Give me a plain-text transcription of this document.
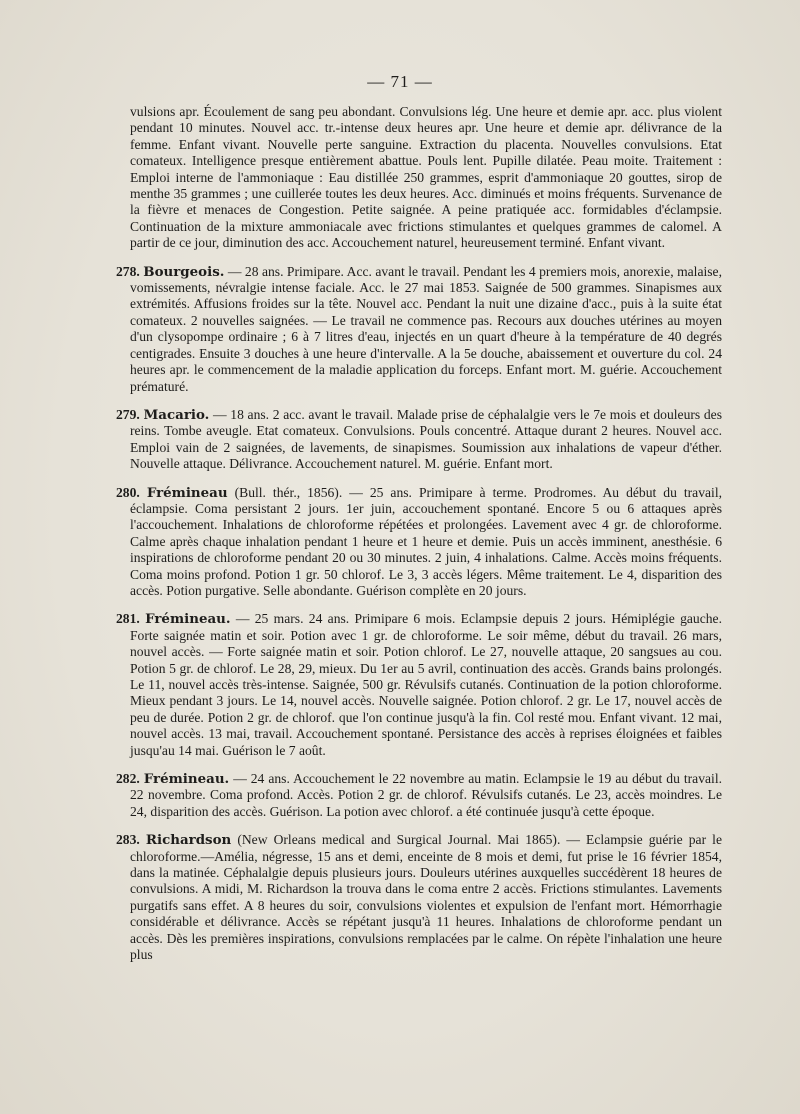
— 71 —

vulsions apr. Écoulement de sang peu abondant. Convulsions lég. Une heure et demie apr. acc. plus violent pendant 10 minutes. Nouvel acc. tr.-intense deux heures apr. Une heure et demie apr. délivrance de la femme. Enfant vivant. Nouvelle perte sanguine. Extraction du placenta. Nouvelles convulsions. Etat comateux. Intelligence presque entièrement abattue. Pouls lent. Pupille dilatée. Peau moite. Traitement : Emploi interne de l'ammoniaque : Eau distillée 250 grammes, esprit d'ammoniaque 20 gouttes, sirop de menthe 35 grammes ; une cuillerée toutes les deux heures. Acc. diminués et moins fréquents. Survenance de la fièvre et menaces de Congestion. Petite saignée. A peine pratiquée acc. formidables d'éclampsie. Continuation de la mixture ammoniacale avec frictions stimulantes et quelques grammes de calomel. A partir de ce jour, diminution des acc. Accouchement naturel, heureusement terminé. Enfant vivant.

278. Bourgeois. — 28 ans. Primipare. Acc. avant le travail. Pendant les 4 premiers mois, anorexie, malaise, vomissements, névralgie intense faciale. Acc. le 27 mai 1853. Saignée de 500 grammes. Sinapismes aux extrémités. Affusions froides sur la tête. Nouvel acc. Pendant la nuit une dizaine d'acc., puis à la suite état comateux. 2 nouvelles saignées. — Le travail ne commence pas. Recours aux douches utérines au moyen d'un clysopompe ordinaire ; 6 à 7 litres d'eau, injectés en un quart d'heure à la température de 40 degrés centigrades. Ensuite 3 douches à une heure d'intervalle. A la 5e douche, abaissement et ouverture du col. 24 heures apr. le commencement de la maladie application du forceps. Enfant mort. M. guérie. Accouchement prématuré.

279. Macario. — 18 ans. 2 acc. avant le travail. Malade prise de céphalalgie vers le 7e mois et douleurs des reins. Tombe aveugle. Etat comateux. Convulsions. Pouls concentré. Attaque durant 2 heures. Nouvel acc. Emploi vain de 2 saignées, de lavements, de sinapismes. Soumission aux inhalations de vapeur d'éther. Nouvelle attaque. Délivrance. Accouchement naturel. M. guérie. Enfant mort.

280. Frémineau (Bull. thér., 1856). — 25 ans. Primipare à terme. Prodromes. Au début du travail, éclampsie. Coma persistant 2 jours. 1er juin, accouchement spontané. Encore 5 ou 6 attaques après l'accouchement. Inhalations de chloroforme répétées et prolongées. Lavement avec 4 gr. de chloroforme. Calme après chaque inhalation pendant 1 heure et 1 heure et demie. Puis un accès imminent, anesthésie. 6 inspirations de chloroforme pendant 20 ou 30 minutes. 2 juin, 4 inhalations. Calme. Accès moins fréquents. Coma moins profond. Potion 1 gr. 50 chlorof. Le 3, 3 accès légers. Même traitement. Le 4, disparition des accès. Potion purgative. Selle abondante. Guérison complète en 20 jours.

281. Frémineau. — 25 mars. 24 ans. Primipare 6 mois. Eclampsie depuis 2 jours. Hémiplégie gauche. Forte saignée matin et soir. Potion avec 1 gr. de chloroforme. Le soir même, début du travail. 26 mars, nouvel accès. — Forte saignée matin et soir. Potion chlorof. Le 27, nouvelle attaque, 20 sangsues au cou. Potion 5 gr. de chlorof. Le 28, 29, mieux. Du 1er au 5 avril, continuation des accès. Grands bains prolongés. Le 11, nouvel accès très-intense. Saignée, 500 gr. Révulsifs cutanés. Continuation de la potion chloroforme. Mieux pendant 3 jours. Le 14, nouvel accès. Nouvelle saignée. Potion chlorof. 2 gr. Le 17, nouvel accès de peu de durée. Potion 2 gr. de chlorof. que l'on continue jusqu'à la fin. Col resté mou. Enfant vivant. 12 mai, nouvel accès. 13 mai, travail. Accouchement spontané. Persistance des accès à reprises éloignées et faibles jusqu'au 14 mai. Guérison le 7 août.

282. Frémineau. — 24 ans. Accouchement le 22 novembre au matin. Eclampsie le 19 au début du travail. 22 novembre. Coma profond. Accès. Potion 2 gr. de chlorof. Révulsifs cutanés. Le 23, accès moindres. Le 24, disparition des accès. Guérison. La potion avec chlorof. a été continuée jusqu'à cette époque.

283. Richardson (New Orleans medical and Surgical Journal. Mai 1865). — Eclampsie guérie par le chloroforme.—Amélia, négresse, 15 ans et demi, enceinte de 8 mois et demi, fut prise le 16 février 1854, dans la matinée. Céphalalgie depuis plusieurs jours. Douleurs utérines auxquelles succédèrent 18 heures de convulsions. A midi, M. Richardson la trouva dans le coma entre 2 accès. Frictions stimulantes. Lavements purgatifs sans effet. A 8 heures du soir, convulsions violentes et expulsion de l'enfant mort. Hémorrhagie considérable et délivrance. Accès se répétant jusqu'à 11 heures. Inhalations de chloroforme pendant un accès. Dès les premières inspirations, convulsions remplacées par le calme. On répète l'inhalation une heure plus
